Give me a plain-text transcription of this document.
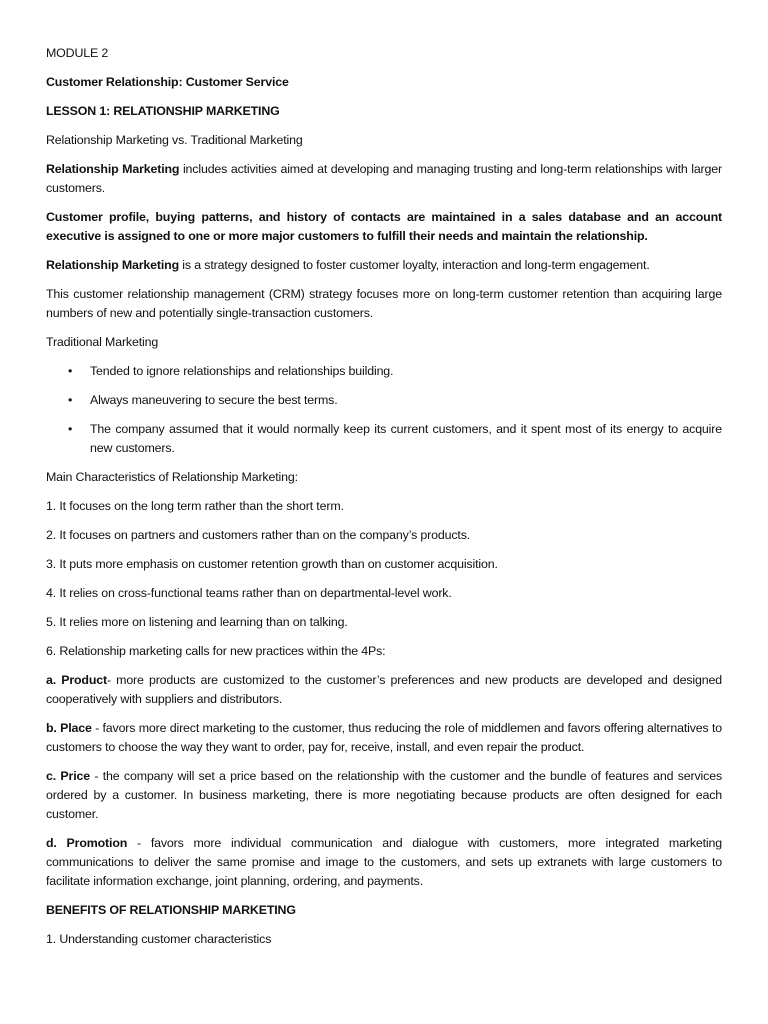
MODULE 2

Customer Relationship: Customer Service

LESSON 1: RELATIONSHIP MARKETING

Relationship Marketing vs. Traditional Marketing

Relationship Marketing includes activities aimed at developing and managing trusting and long-term relationships with larger customers.

Customer profile, buying patterns, and history of contacts are maintained in a sales database and an account executive is assigned to one or more major customers to fulfill their needs and maintain the relationship.

Relationship Marketing is a strategy designed to foster customer loyalty, interaction and long-term engagement.

This customer relationship management (CRM) strategy focuses more on long-term customer retention than acquiring large numbers of new and potentially single-transaction customers.

Traditional Marketing

• Tended to ignore relationships and relationships building.
• Always maneuvering to secure the best terms.
• The company assumed that it would normally keep its current customers, and it spent most of its energy to acquire new customers.

Main Characteristics of Relationship Marketing:

1. It focuses on the long term rather than the short term.

2. It focuses on partners and customers rather than on the company’s products.

3. It puts more emphasis on customer retention growth than on customer acquisition.

4. It relies on cross-functional teams rather than on departmental-level work.

5. It relies more on listening and learning than on talking.

6. Relationship marketing calls for new practices within the 4Ps:

a. Product- more products are customized to the customer’s preferences and new products are developed and designed cooperatively with suppliers and distributors.

b. Place - favors more direct marketing to the customer, thus reducing the role of middlemen and favors offering alternatives to customers to choose the way they want to order, pay for, receive, install, and even repair the product.

c. Price - the company will set a price based on the relationship with the customer and the bundle of features and services ordered by a customer. In business marketing, there is more negotiating because products are often designed for each customer.

d. Promotion - favors more individual communication and dialogue with customers, more integrated marketing communications to deliver the same promise and image to the customers, and sets up extranets with large customers to facilitate information exchange, joint planning, ordering, and payments.

BENEFITS OF RELATIONSHIP MARKETING

1. Understanding customer characteristics
